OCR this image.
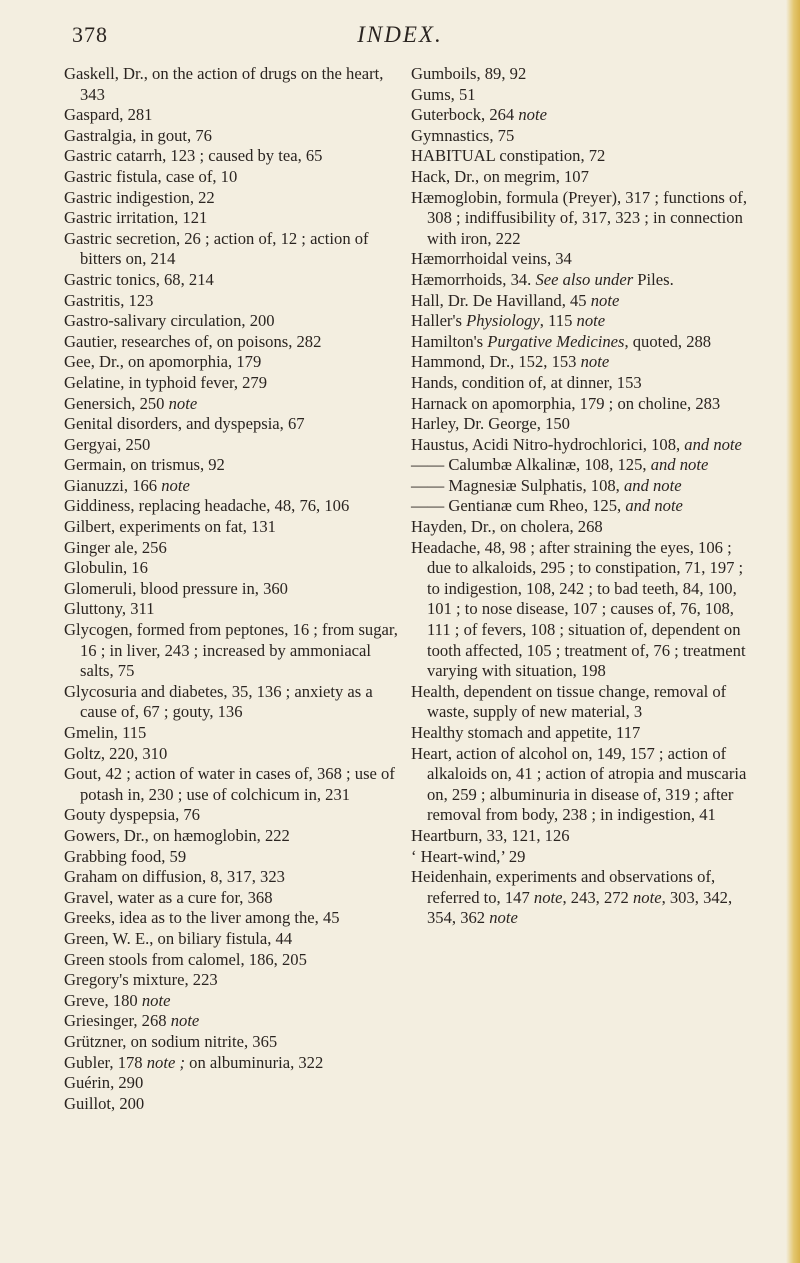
378	INDEX.
Gaskell, Dr., on the action of drugs on the heart, 343
Gaspard, 281
Gastralgia, in gout, 76
Gastric catarrh, 123 ; caused by tea, 65
Gastric fistula, case of, 10
Gastric indigestion, 22
Gastric irritation, 121
Gastric secretion, 26 ; action of, 12 ; action of bitters on, 214
Gastric tonics, 68, 214
Gastritis, 123
Gastro-salivary circulation, 200
Gautier, researches of, on poisons, 282
Gee, Dr., on apomorphia, 179
Gelatine, in typhoid fever, 279
Genersich, 250 note
Genital disorders, and dyspepsia, 67
Gergyai, 250
Germain, on trismus, 92
Gianuzzi, 166 note
Giddiness, replacing headache, 48, 76, 106
Gilbert, experiments on fat, 131
Ginger ale, 256
Globulin, 16
Glomeruli, blood pressure in, 360
Gluttony, 311
Glycogen, formed from peptones, 16 ; from sugar, 16 ; in liver, 243 ; increased by ammoniacal salts, 75
Glycosuria and diabetes, 35, 136 ; anxiety as a cause of, 67 ; gouty, 136
Gmelin, 115
Goltz, 220, 310
Gout, 42 ; action of water in cases of, 368 ; use of potash in, 230 ; use of colchicum in, 231
Gouty dyspepsia, 76
Gowers, Dr., on hæmoglobin, 222
Grabbing food, 59
Graham on diffusion, 8, 317, 323
Gravel, water as a cure for, 368
Greeks, idea as to the liver among the, 45
Green, W. E., on biliary fistula, 44
Green stools from calomel, 186, 205
Gregory's mixture, 223
Greve, 180 note
Griesinger, 268 note
Grützner, on sodium nitrite, 365
Gubler, 178 note ; on albuminuria, 322
Guérin, 290
Guillot, 200
Gumboils, 89, 92
Gums, 51
Guterbock, 264 note
Gymnastics, 75
HABITUAL constipation, 72
Hack, Dr., on megrim, 107
Hæmoglobin, formula (Preyer), 317 ; functions of, 308 ; indiffusibility of, 317, 323 ; in connection with iron, 222
Hæmorrhoidal veins, 34
Hæmorrhoids, 34. See also under Piles.
Hall, Dr. De Havilland, 45 note
Haller's Physiology, 115 note
Hamilton's Purgative Medicines, quoted, 288
Hammond, Dr., 152, 153 note
Hands, condition of, at dinner, 153
Harnack on apomorphia, 179 ; on choline, 283
Harley, Dr. George, 150
Haustus, Acidi Nitro-hydrochlorici, 108, and note
—— Calumbæ Alkalinæ, 108, 125, and note
—— Magnesiæ Sulphatis, 108, and note
—— Gentianæ cum Rheo, 125, and note
Hayden, Dr., on cholera, 268
Headache, 48, 98 ; after straining the eyes, 106 ; due to alkaloids, 295 ; to constipation, 71, 197 ; to indigestion, 108, 242 ; to bad teeth, 84, 100, 101 ; to nose disease, 107 ; causes of, 76, 108, 111 ; of fevers, 108 ; situation of, dependent on tooth affected, 105 ; treatment of, 76 ; treatment varying with situation, 198
Health, dependent on tissue change, removal of waste, supply of new material, 3
Healthy stomach and appetite, 117
Heart, action of alcohol on, 149, 157 ; action of alkaloids on, 41 ; action of atropia and muscaria on, 259 ; albuminuria in disease of, 319 ; after removal from body, 238 ; in indigestion, 41
Heartburn, 33, 121, 126
‘ Heart-wind,’ 29
Heidenhain, experiments and observations of, referred to, 147 note, 243, 272 note, 303, 342, 354, 362 note
